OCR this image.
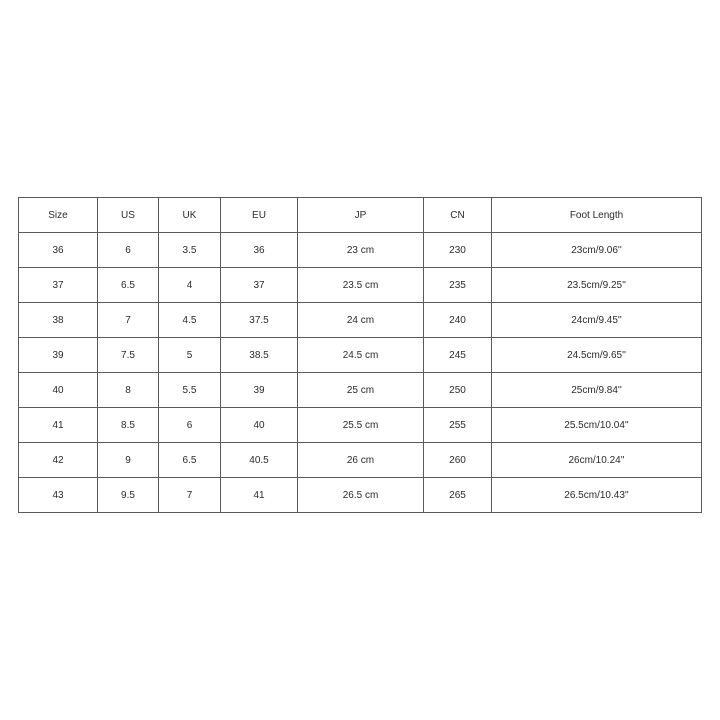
Size	US	UK	EU	JP	CN	Foot Length
36	6	3.5	36	23 cm	230	23cm/9.06''
37	6.5	4	37	23.5 cm	235	23.5cm/9.25''
38	7	4.5	37.5	24 cm	240	24cm/9.45''
39	7.5	5	38.5	24.5 cm	245	24.5cm/9.65''
40	8	5.5	39	25 cm	250	25cm/9.84''
41	8.5	6	40	25.5 cm	255	25.5cm/10.04''
42	9	6.5	40.5	26 cm	260	26cm/10.24''
43	9.5	7	41	26.5 cm	265	26.5cm/10.43''
